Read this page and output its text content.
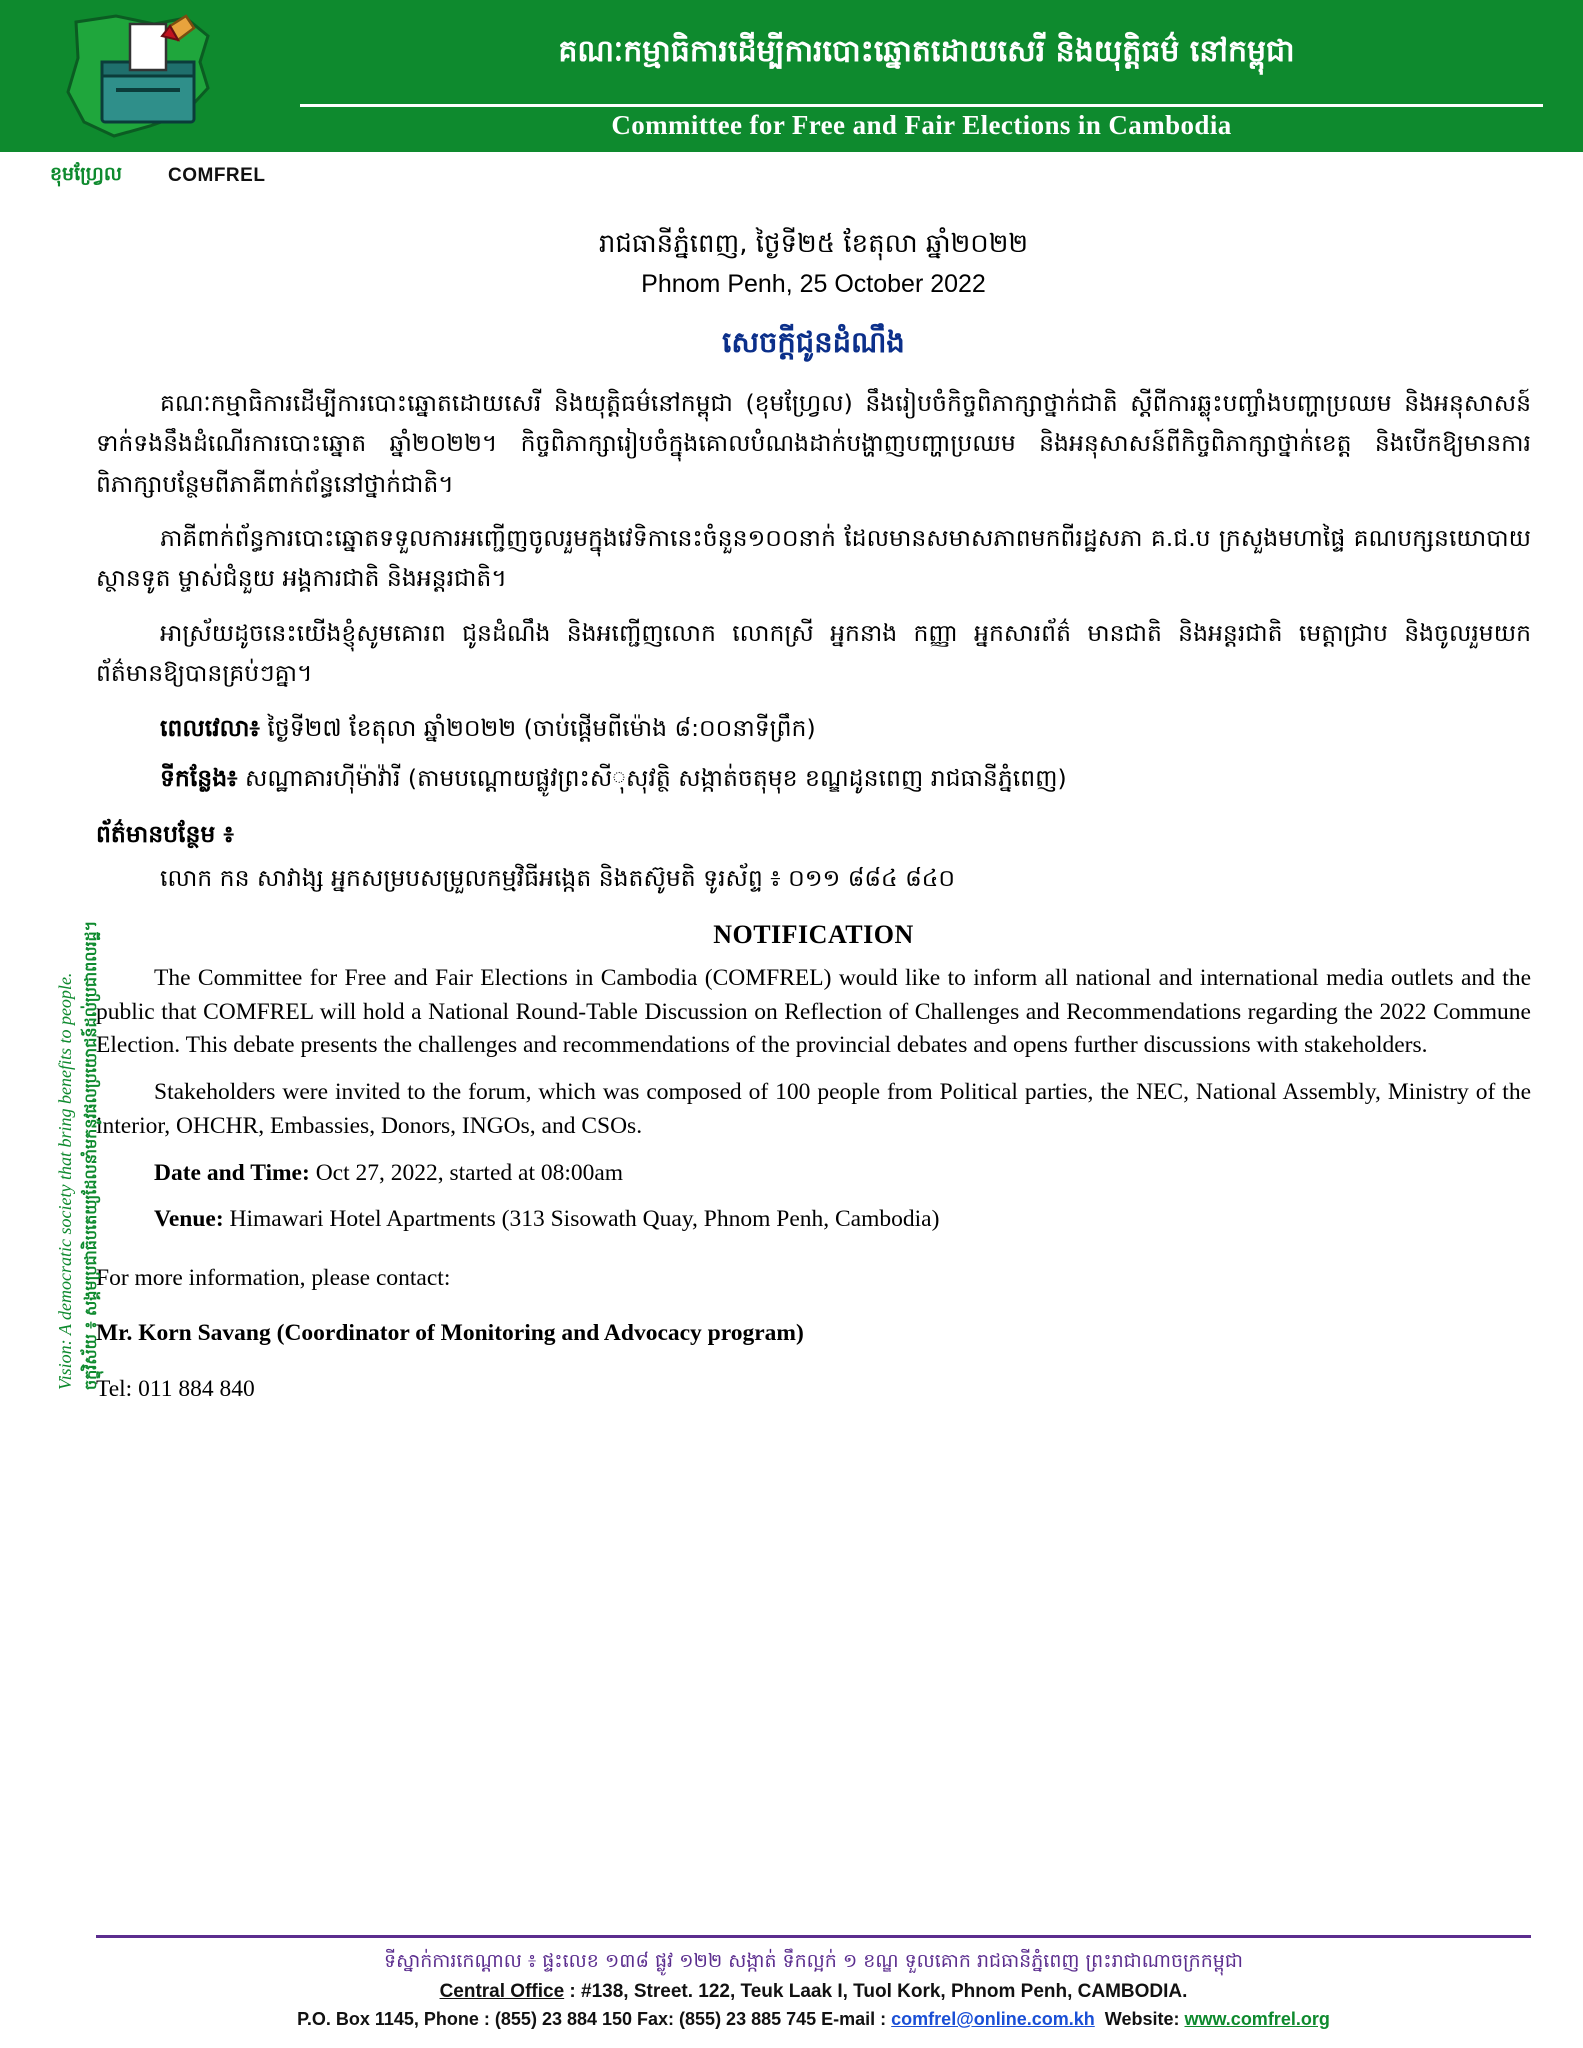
គណៈកម្មាធិការដើម្បីការបោះឆ្នោតដោយសេរី និងយុត្តិធម៌ នៅកម្ពុជា
Committee for Free and Fair Elections in Cambodia
ខុមហ្វ្រែល COMFREL
Vision: A democratic society that bring benefits to people. ចក្ខុវិស័យ ៖ សង្គមប្រជាធិបតេយ្យដែលនាំមកនូវផលប្រយោជន៍ដល់ប្រជាពលរដ្ឋ។
រាជធានីភ្នំពេញ, ថ្ងៃទី២៥ ខែតុលា ឆ្នាំ២០២២
Phnom Penh, 25 October 2022
សេចក្តីជូនដំណឹង

គណៈកម្មាធិការដើម្បីការបោះឆ្នោតដោយសេរី និងយុត្តិធម៌នៅកម្ពុជា (ខុមហ្វ្រែល) នឹងរៀបចំកិច្ចពិភាក្សាថ្នាក់ជាតិ ស្តីពីការឆ្លុះបញ្ចាំងបញ្ហាប្រឈម និងអនុសាសន៍ទាក់ទងនឹងដំណើរការបោះឆ្នោត ឆ្នាំ២០២២។ កិច្ចពិភាក្សារៀបចំក្នុងគោលបំណងដាក់បង្ហាញបញ្ហាប្រឈម និងអនុសាសន៍ពីកិច្ចពិភាក្សាថ្នាក់ខេត្ត និងបើកឱ្យមានការពិភាក្សាបន្ថែមពីភាគីពាក់ព័ន្ធនៅថ្នាក់ជាតិ។

ភាគីពាក់ព័ន្ធការបោះឆ្នោតទទួលការអញ្ជើញចូលរួមក្នុងវេទិកានេះចំនួន១០០នាក់ ដែលមានសមាសភាពមកពីរដ្ឋសភា គ.ជ.ប ក្រសួងមហាផ្ទៃ គណបក្សនយោបាយ ស្ថានទូត ម្ចាស់ជំនួយ អង្គការជាតិ និងអន្តរជាតិ។

អាស្រ័យដូចនេះយើងខ្ញុំសូមគោរព ជូនដំណឹង និងអញ្ជើញលោក លោកស្រី អ្នកនាង កញ្ញា អ្នកសារព័ត៌ មានជាតិ និងអន្តរជាតិ មេត្តាជ្រាប និងចូលរួមយកព័ត៌មានឱ្យបានគ្រប់ៗគ្នា។

ពេលវេលា៖ ថ្ងៃទី២៧ ខែតុលា ឆ្នាំ២០២២ (ចាប់ផ្តើមពីម៉ោង ៨:០០នាទីព្រឹក)

ទីកន្លែង៖ សណ្ឋាគារហ៊ីម៉ាវ៉ារី (តាមបណ្ដោយផ្លូវព្រះសីុសុវត្ថិ សង្កាត់ចតុមុខ ខណ្ឌដូនពេញ រាជធានីភ្នំពេញ)

ព័ត៌មានបន្ថែម ៖

លោក កន សាវាង្ស អ្នកសម្របសម្រួលកម្មវិធីអង្កេត និងតស៊ូមតិ ទូរស័ព្ទ ៖ ០១១ ៨៨៤ ៨៤០

NOTIFICATION

The Committee for Free and Fair Elections in Cambodia (COMFREL) would like to inform all national and international media outlets and the public that COMFREL will hold a National Round-Table Discussion on Reflection of Challenges and Recommendations regarding the 2022 Commune Election. This debate presents the challenges and recommendations of the provincial debates and opens further discussions with stakeholders.

Stakeholders were invited to the forum, which was composed of 100 people from Political parties, the NEC, National Assembly, Ministry of the interior, OHCHR, Embassies, Donors, INGOs, and CSOs.

Date and Time: Oct 27, 2022, started at 08:00am

Venue: Himawari Hotel Apartments (313 Sisowath Quay, Phnom Penh, Cambodia)

For more information, please contact:

Mr. Korn Savang (Coordinator of Monitoring and Advocacy program)

Tel: 011 884 840

ទីស្នាក់ការកេណ្ដាល ៖ ផ្ទះលេខ ១៣៨ ផ្លូវ ១២២ សង្កាត់ ទឹកល្អក់ ១ ខណ្ឌ ទួលគោក រាជធានីភ្នំពេញ ព្រះរាជាណាចក្រកម្ពុជា
Central Office : #138, Street. 122, Teuk Laak I, Tuol Kork, Phnom Penh, CAMBODIA.
P.O. Box 1145, Phone : (855) 23 884 150 Fax: (855) 23 885 745 E-mail : comfrel@online.com.kh Website: www.comfrel.org
